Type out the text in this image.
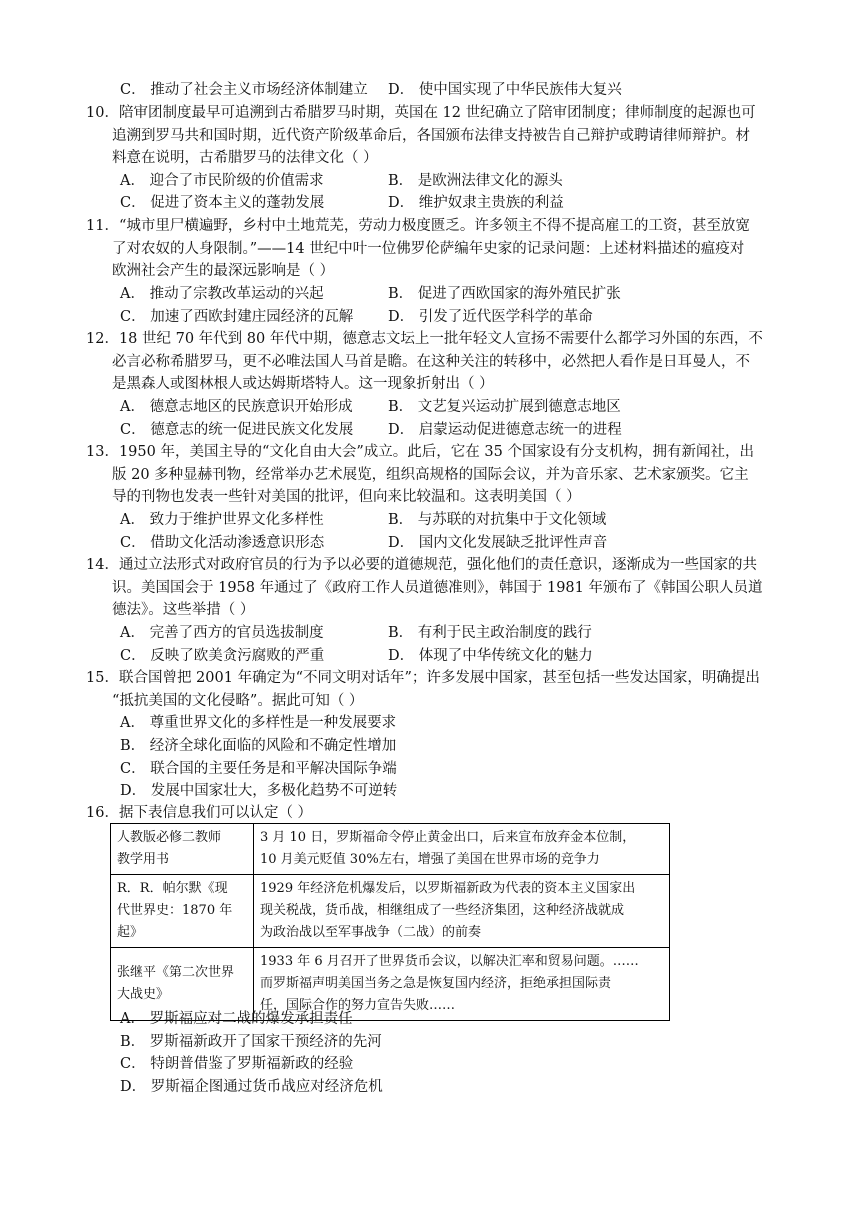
C． 推动了社会主义市场经济体制建立 D． 使中国实现了中华民族伟大复兴
10．陪审团制度最早可追溯到古希腊罗马时期，英国在 12 世纪确立了陪审团制度；律师制度的起源也可
追溯到罗马共和国时期，近代资产阶级革命后，各国颁布法律支持被告自己辩护或聘请律师辩护。材
料意在说明，古希腊罗马的法律文化（ ）
A． 迎合了市民阶级的价值需求	B． 是欧洲法律文化的源头
C． 促进了资本主义的蓬勃发展	D． 维护奴隶主贵族的利益
11．“城市里尸横遍野，乡村中土地荒芜，劳动力极度匮乏。许多领主不得不提高雇工的工资，甚至放宽
了对农奴的人身限制。”——14 世纪中叶一位佛罗伦萨编年史家的记录问题：上述材料描述的瘟疫对
欧洲社会产生的最深远影响是（ ）
A． 推动了宗教改革运动的兴起	B． 促进了西欧国家的海外殖民扩张
C． 加速了西欧封建庄园经济的瓦解 D． 引发了近代医学科学的革命
12．18 世纪 70 年代到 80 年代中期，德意志文坛上一批年轻文人宣扬不需要什么都学习外国的东西，不
必言必称希腊罗马，更不必唯法国人马首是瞻。在这种关注的转移中，必然把人看作是日耳曼人，不
是黑森人或图林根人或达姆斯塔特人。这一现象折射出（ ）
A． 德意志地区的民族意识开始形成 B． 文艺复兴运动扩展到德意志地区
C． 德意志的统一促进民族文化发展 D． 启蒙运动促进德意志统一的进程
13．1950 年，美国主导的“文化自由大会”成立。此后，它在 35 个国家设有分支机构，拥有新闻社，出
版 20 多种显赫刊物，经常举办艺术展览，组织高规格的国际会议，并为音乐家、艺术家颁奖。它主
导的刊物也发表一些针对美国的批评，但向来比较温和。这表明美国（ ）
A． 致力于维护世界文化多样性	B． 与苏联的对抗集中于文化领域
C． 借助文化活动渗透意识形态	D． 国内文化发展缺乏批评性声音
14．通过立法形式对政府官员的行为予以必要的道德规范，强化他们的责任意识，逐渐成为一些国家的共
识。美国国会于 1958 年通过了《政府工作人员道德准则》，韩国于 1981 年颁布了《韩国公职人员道
德法》。这些举措（ ）
A． 完善了西方的官员选拔制度	B． 有利于民主政治制度的践行
C． 反映了欧美贪污腐败的严重	D． 体现了中华传统文化的魅力
15．联合国曾把 2001 年确定为“不同文明对话年”；许多发展中国家，甚至包括一些发达国家，明确提出
“抵抗美国的文化侵略”。据此可知（ ）
A． 尊重世界文化的多样性是一种发展要求
B． 经济全球化面临的风险和不确定性增加
C． 联合国的主要任务是和平解决国际争端
D． 发展中国家壮大，多极化趋势不可逆转
16．据下表信息我们可以认定（ ）
人教版必修二教师
教学用书	3 月 10 日，罗斯福命令停止黄金出口，后来宣布放弃金本位制，
10 月美元贬值 30%左右，增强了美国在世界市场的竞争力

R．R．帕尔默《现
代世界史：1870 年
起》	1929 年经济危机爆发后，以罗斯福新政为代表的资本主义国家出
现关税战，货币战，相继组成了一些经济集团，这种经济战就成
为政治战以至军事战争（二战）的前奏

张继平《第二次世界
大战史》	1933 年 6 月召开了世界货币会议，以解决汇率和贸易问题。……
而罗斯福声明美国当务之急是恢复国内经济，拒绝承担国际责
任，国际合作的努力宣告失败……
A． 罗斯福应对二战的爆发承担责任
B． 罗斯福新政开了国家干预经济的先河
C． 特朗普借鉴了罗斯福新政的经验
D． 罗斯福企图通过货币战应对经济危机
